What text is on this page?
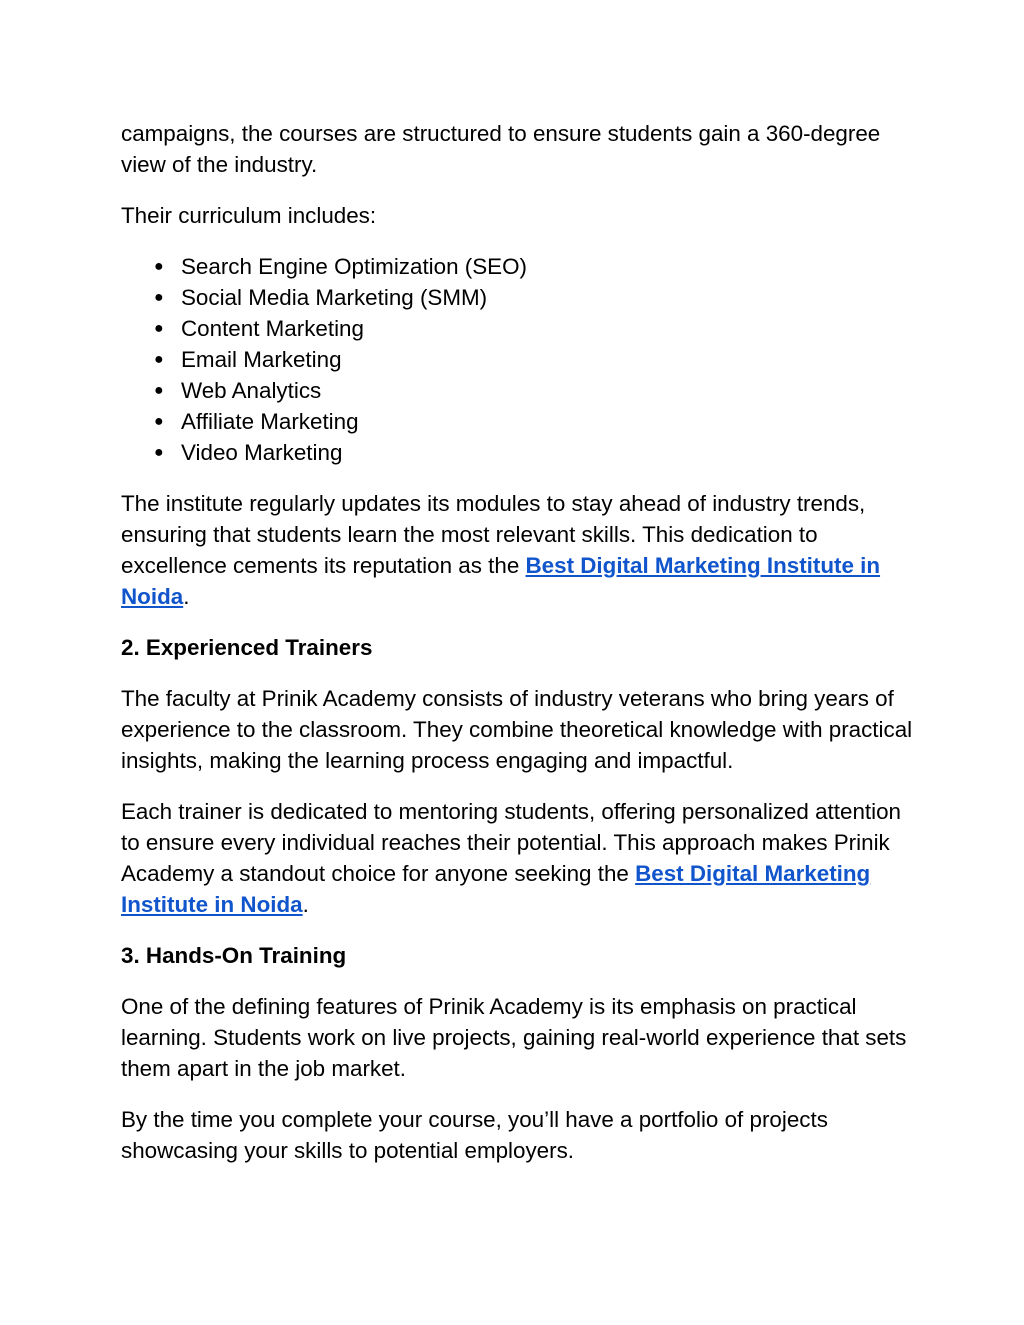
campaigns, the courses are structured to ensure students gain a 360-degree view of the industry.

Their curriculum includes:

● Search Engine Optimization (SEO)
● Social Media Marketing (SMM)
● Content Marketing
● Email Marketing
● Web Analytics
● Affiliate Marketing
● Video Marketing

The institute regularly updates its modules to stay ahead of industry trends, ensuring that students learn the most relevant skills. This dedication to excellence cements its reputation as the Best Digital Marketing Institute in Noida.

2. Experienced Trainers

The faculty at Prinik Academy consists of industry veterans who bring years of experience to the classroom. They combine theoretical knowledge with practical insights, making the learning process engaging and impactful.

Each trainer is dedicated to mentoring students, offering personalized attention to ensure every individual reaches their potential. This approach makes Prinik Academy a standout choice for anyone seeking the Best Digital Marketing Institute in Noida.

3. Hands-On Training

One of the defining features of Prinik Academy is its emphasis on practical learning. Students work on live projects, gaining real-world experience that sets them apart in the job market.

By the time you complete your course, you’ll have a portfolio of projects showcasing your skills to potential employers.
